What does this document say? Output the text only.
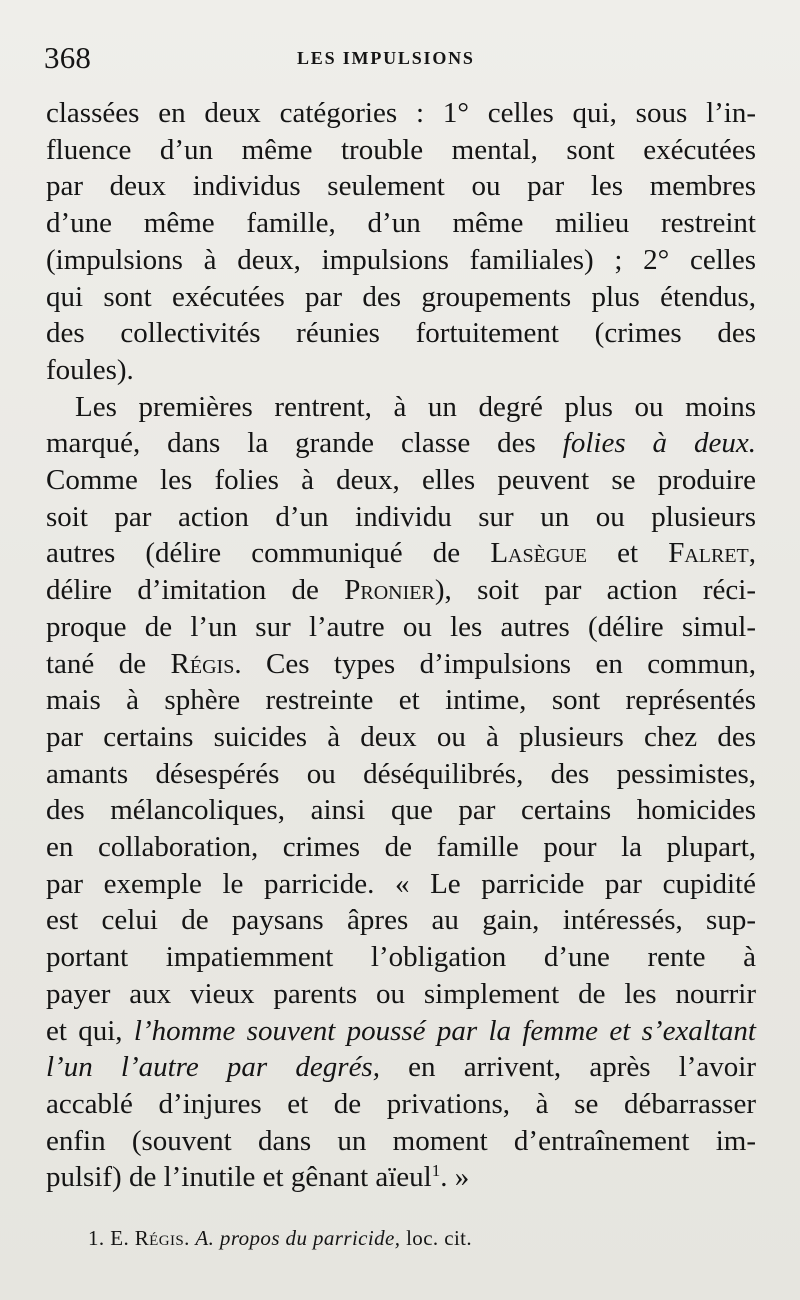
368	LES IMPULSIONS
classées en deux catégories : 1° celles qui, sous l’in-
fluence d’un même trouble mental, sont exécutées
par deux individus seulement ou par les membres
d’une même famille, d’un même milieu restreint
(impulsions à deux, impulsions familiales) ; 2° celles
qui sont exécutées par des groupements plus étendus,
des collectivités réunies fortuitement (crimes des
foules).
Les premières rentrent, à un degré plus ou moins
marqué, dans la grande classe des folies à deux.
Comme les folies à deux, elles peuvent se produire
soit par action d’un individu sur un ou plusieurs
autres (délire communiqué de Lasègue et Falret,
délire d’imitation de Pronier), soit par action réci-
proque de l’un sur l’autre ou les autres (délire simul-
tané de Régis. Ces types d’impulsions en commun,
mais à sphère restreinte et intime, sont représentés
par certains suicides à deux ou à plusieurs chez des
amants désespérés ou déséquilibrés, des pessimistes,
des mélancoliques, ainsi que par certains homicides
en collaboration, crimes de famille pour la plupart,
par exemple le parricide. « Le parricide par cupidité
est celui de paysans âpres au gain, intéressés, sup-
portant impatiemment l’obligation d’une rente à
payer aux vieux parents ou simplement de les nourrir
et qui, l’homme souvent poussé par la femme et s’exaltant
l’un l’autre par degrés, en arrivent, après l’avoir
accablé d’injures et de privations, à se débarrasser
enfin (souvent dans un moment d’entraînement im-
pulsif) de l’inutile et gênant aïeul$^1$. »
1. E. Régis. A. propos du parricide, loc. cit.
